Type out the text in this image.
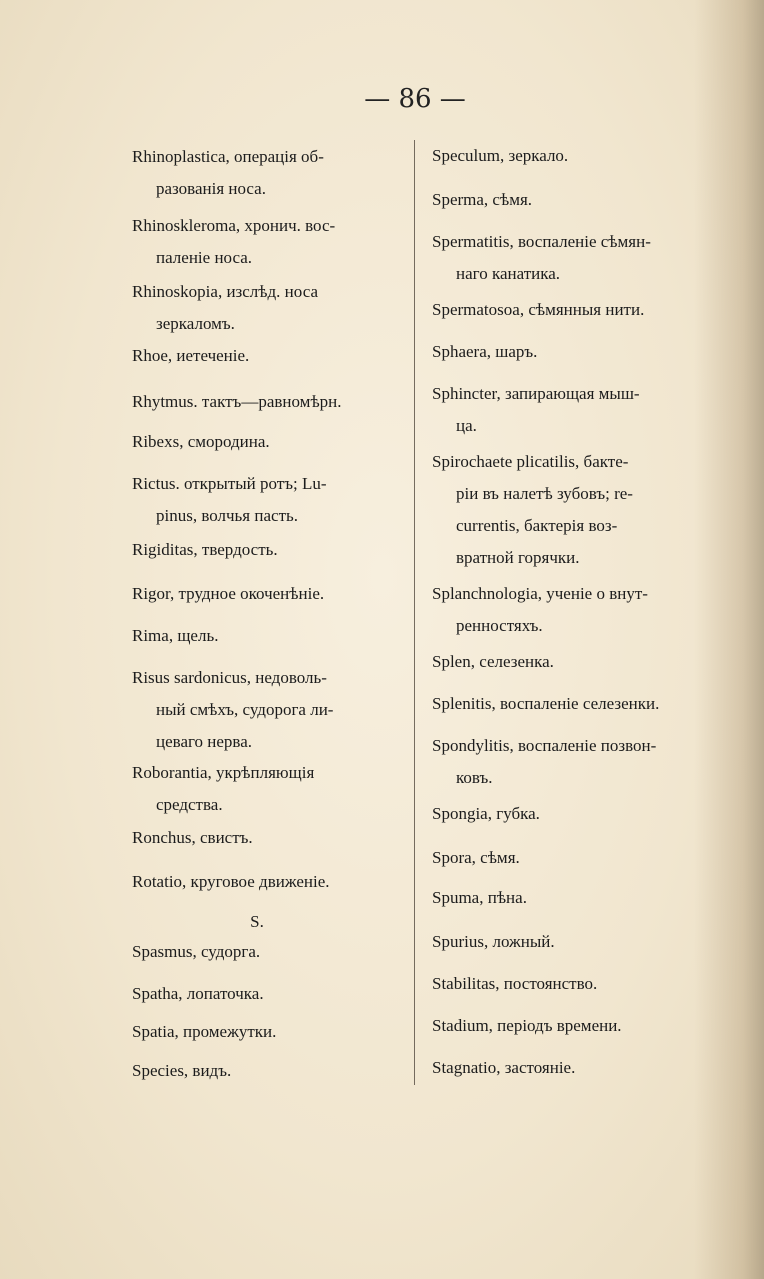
— 86 —

Rhinoplastica, операція об-
разованія носа.

Rhinosklеroma, хронич. вос-
паленіе носа.

Rhinoskopia, изслѣд. носа
зеркаломъ.

Rhoe, иетеченіе.

Rhytmus. тактъ—равномѣрн.

Ribexs, смородина.

Rictus. открытый ротъ; Lu-
pinus, волчья пасть.

Rigiditas, твердость.

Rigor, трудное окоченѣніе.

Rima, щель.

Risus sardonicus, недоволь-
ный смѣхъ, судорога ли-
цеваго нерва.

Roborantia, укрѣпляющія
средства.

Ronchus, свистъ.

Rotatio, круговое движеніе.

S.

Spasmus, судорга.

Spatha, лопаточка.

Spatia, промежутки.

Species, видъ.

Speculum, зеркало.

Sperma, сѣмя.

Spermatitis, воспаленіе сѣмян-
наго канатика.

Spermatosoa, сѣмянныя нити.

Sphaera, шаръ.

Sphincter, запирающая мыш-
ца.

Spirochaete plicatilis, бакте-
ріи въ налетѣ зубовъ; re-
currentis, бактерія воз-
вратной горячки.

Splanchnologia, ученіе о внут-
ренностяхъ.

Splen, селезенка.

Splenitis, воспаленіе селезенки.

Spondylitis, воспаленіе позвон-
ковъ.

Spongia, губка.

Spora, сѣмя.

Spuma, пѣна.

Spurius, ложный.

Stabilitas, постоянство.

Stadium, періодъ времени.

Stagnatio, застояніе.
